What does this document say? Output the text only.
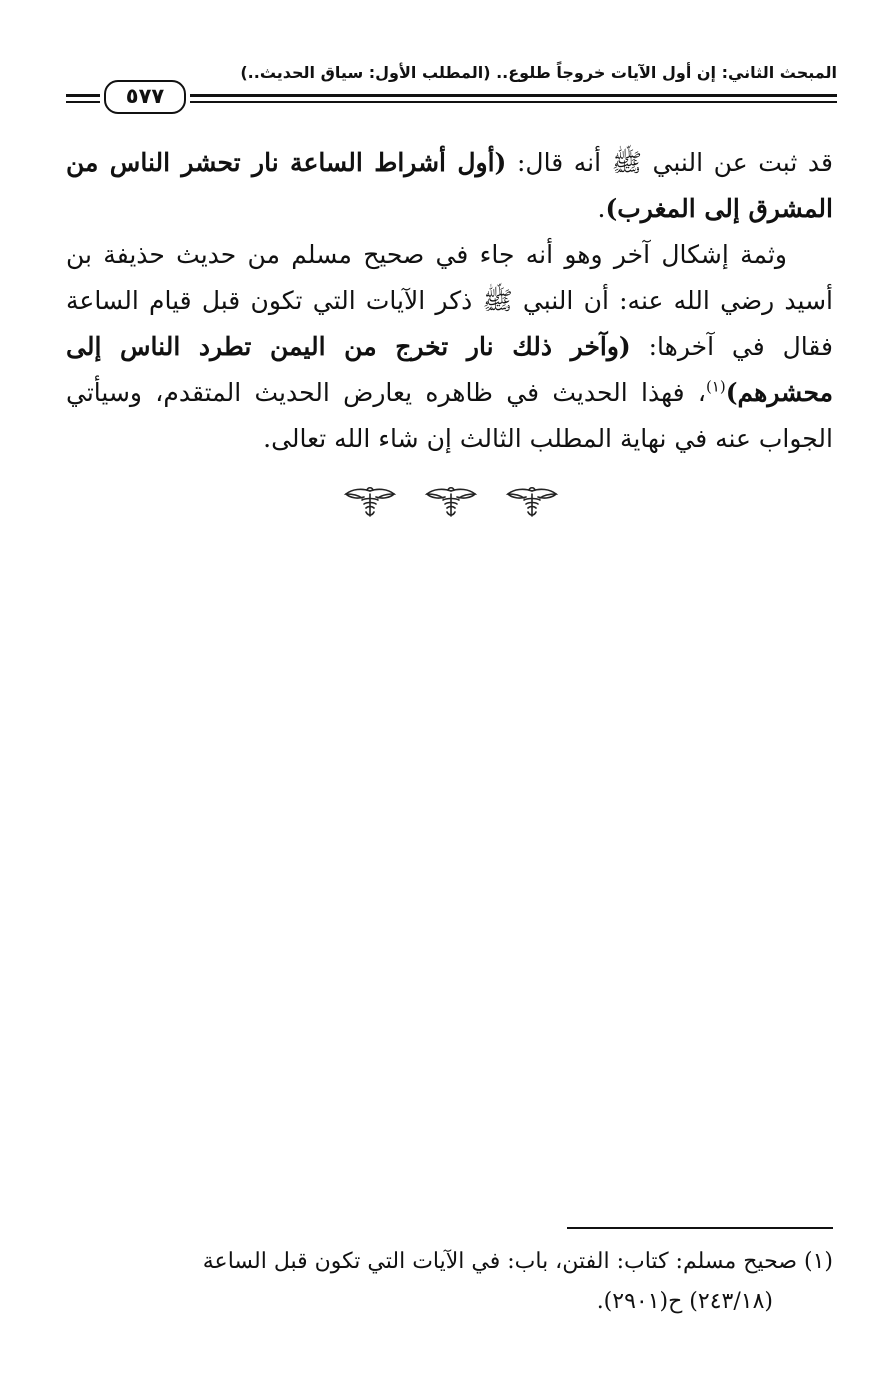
المبحث الثاني: إن أول الآيات خروجاً طلوع.. (المطلب الأول: سياق الحديث..)
٥٧٧

قد ثبت عن النبي ﷺ أنه قال: (أول أشراط الساعة نار تحشر الناس من المشرق إلى المغرب).

وثمة إشكال آخر وهو أنه جاء في صحيح مسلم من حديث حذيفة بن أسيد رضي الله عنه: أن النبي ﷺ ذكر الآيات التي تكون قبل قيام الساعة فقال في آخرها: (وآخر ذلك نار تخرج من اليمن تطرد الناس إلى محشرهم)$^{(١)}$، فهذا الحديث في ظاهره يعارض الحديث المتقدم، وسيأتي الجواب عنه في نهاية المطلب الثالث إن شاء الله تعالى.

(١) صحيح مسلم: كتاب: الفتن، باب: في الآيات التي تكون قبل الساعة

(٢٤٣/١٨) ح(٢٩٠١).
